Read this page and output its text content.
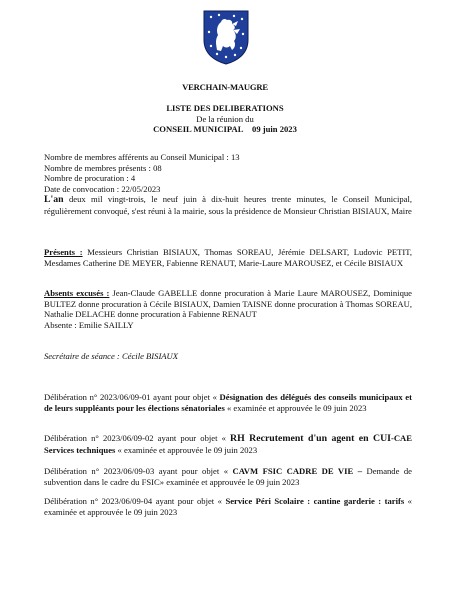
VERCHAIN-MAUGRE
LISTE DES DELIBERATIONS
De la réunion du
CONSEIL MUNICIPAL 09 juin 2023
Nombre de membres afférents au Conseil Municipal : 13
Nombre de membres présents : 08
Nombre de procuration : 4
Date de convocation : 22/05/2023
L'an deux mil vingt-trois, le neuf juin à dix-huit heures trente minutes, le Conseil Municipal, régulièrement convoqué, s'est réuni à la mairie, sous la présidence de Monsieur Christian BISIAUX, Maire
Présents : Messieurs Christian BISIAUX, Thomas SOREAU, Jérémie DELSART, Ludovic PETIT, Mesdames Catherine DE MEYER, Fabienne RENAUT, Marie-Laure MAROUSEZ, et Cécile BISIAUX
Absents excusés : Jean-Claude GABELLE donne procuration à Marie Laure MAROUSEZ, Dominique BULTEZ donne procuration à Cécile BISIAUX, Damien TAISNE donne procuration à Thomas SOREAU, Nathalie DELACHE donne procuration à Fabienne RENAUT
Absente : Emilie SAILLY
Secrétaire de séance : Cécile BISIAUX
Délibération n° 2023/06/09-01 ayant pour objet « Désignation des délégués des conseils municipaux et de leurs suppléants pour les élections sénatoriales « examinée et approuvée le 09 juin 2023
Délibération n° 2023/06/09-02 ayant pour objet « RH Recrutement d'un agent en CUI-CAE Services techniques « examinée et approuvée le 09 juin 2023
Délibération n° 2023/06/09-03 ayant pour objet « CAVM FSIC CADRE DE VIE – Demande de subvention dans le cadre du FSIC» examinée et approuvée le 09 juin 2023
Délibération n° 2023/06/09-04 ayant pour objet « Service Péri Scolaire : cantine garderie : tarifs « examinée et approuvée le 09 juin 2023
